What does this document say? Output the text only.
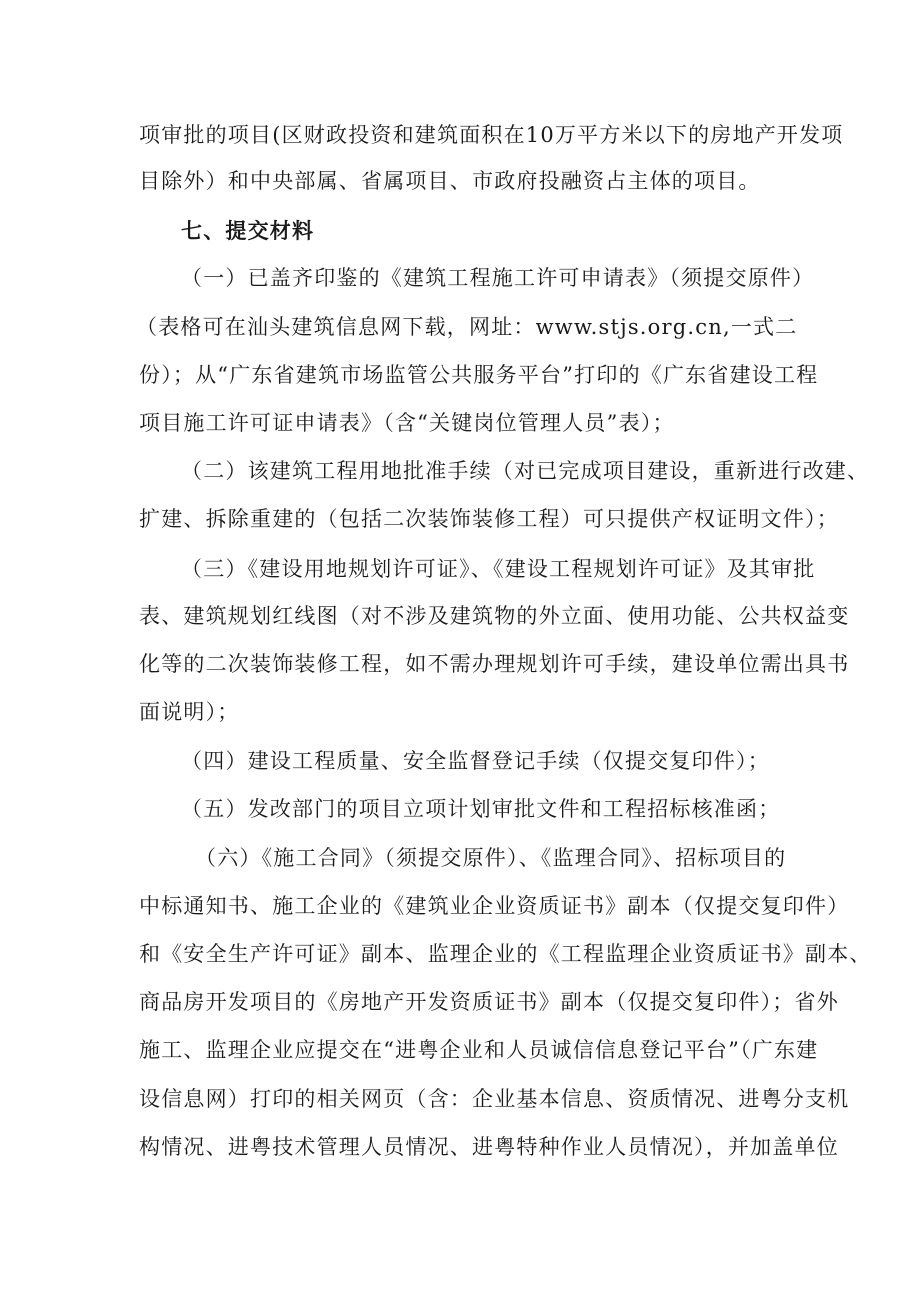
项审批的项目(区财政投资和建筑面积在10万平方米以下的房地产开发项
目除外）和中央部属、省属项目、市政府投融资占主体的项目。
七、提交材料
（一）已盖齐印鉴的《建筑工程施工许可申请表》（须提交原件）
（表格可在汕头建筑信息网下载，网址：www.stjs.org.cn,一式二
份）；从“广东省建筑市场监管公共服务平台”打印的《广东省建设工程
项目施工许可证申请表》（含“关键岗位管理人员”表）；
（二）该建筑工程用地批准手续（对已完成项目建设，重新进行改建、
扩建、拆除重建的（包括二次装饰装修工程）可只提供产权证明文件）；
（三）《建设用地规划许可证》、《建设工程规划许可证》及其审批
表、建筑规划红线图（对不涉及建筑物的外立面、使用功能、公共权益变
化等的二次装饰装修工程，如不需办理规划许可手续，建设单位需出具书
面说明）；
（四）建设工程质量、安全监督登记手续（仅提交复印件）；
（五）发改部门的项目立项计划审批文件和工程招标核准函；
（六）《施工合同》（须提交原件）、《监理合同》、招标项目的
中标通知书、施工企业的《建筑业企业资质证书》副本（仅提交复印件）
和《安全生产许可证》副本、监理企业的《工程监理企业资质证书》副本、
商品房开发项目的《房地产开发资质证书》副本（仅提交复印件）；省外
施工、监理企业应提交在“进粤企业和人员诚信信息登记平台”（广东建
设信息网）打印的相关网页（含：企业基本信息、资质情况、进粤分支机
构情况、进粤技术管理人员情况、进粤特种作业人员情况），并加盖单位
